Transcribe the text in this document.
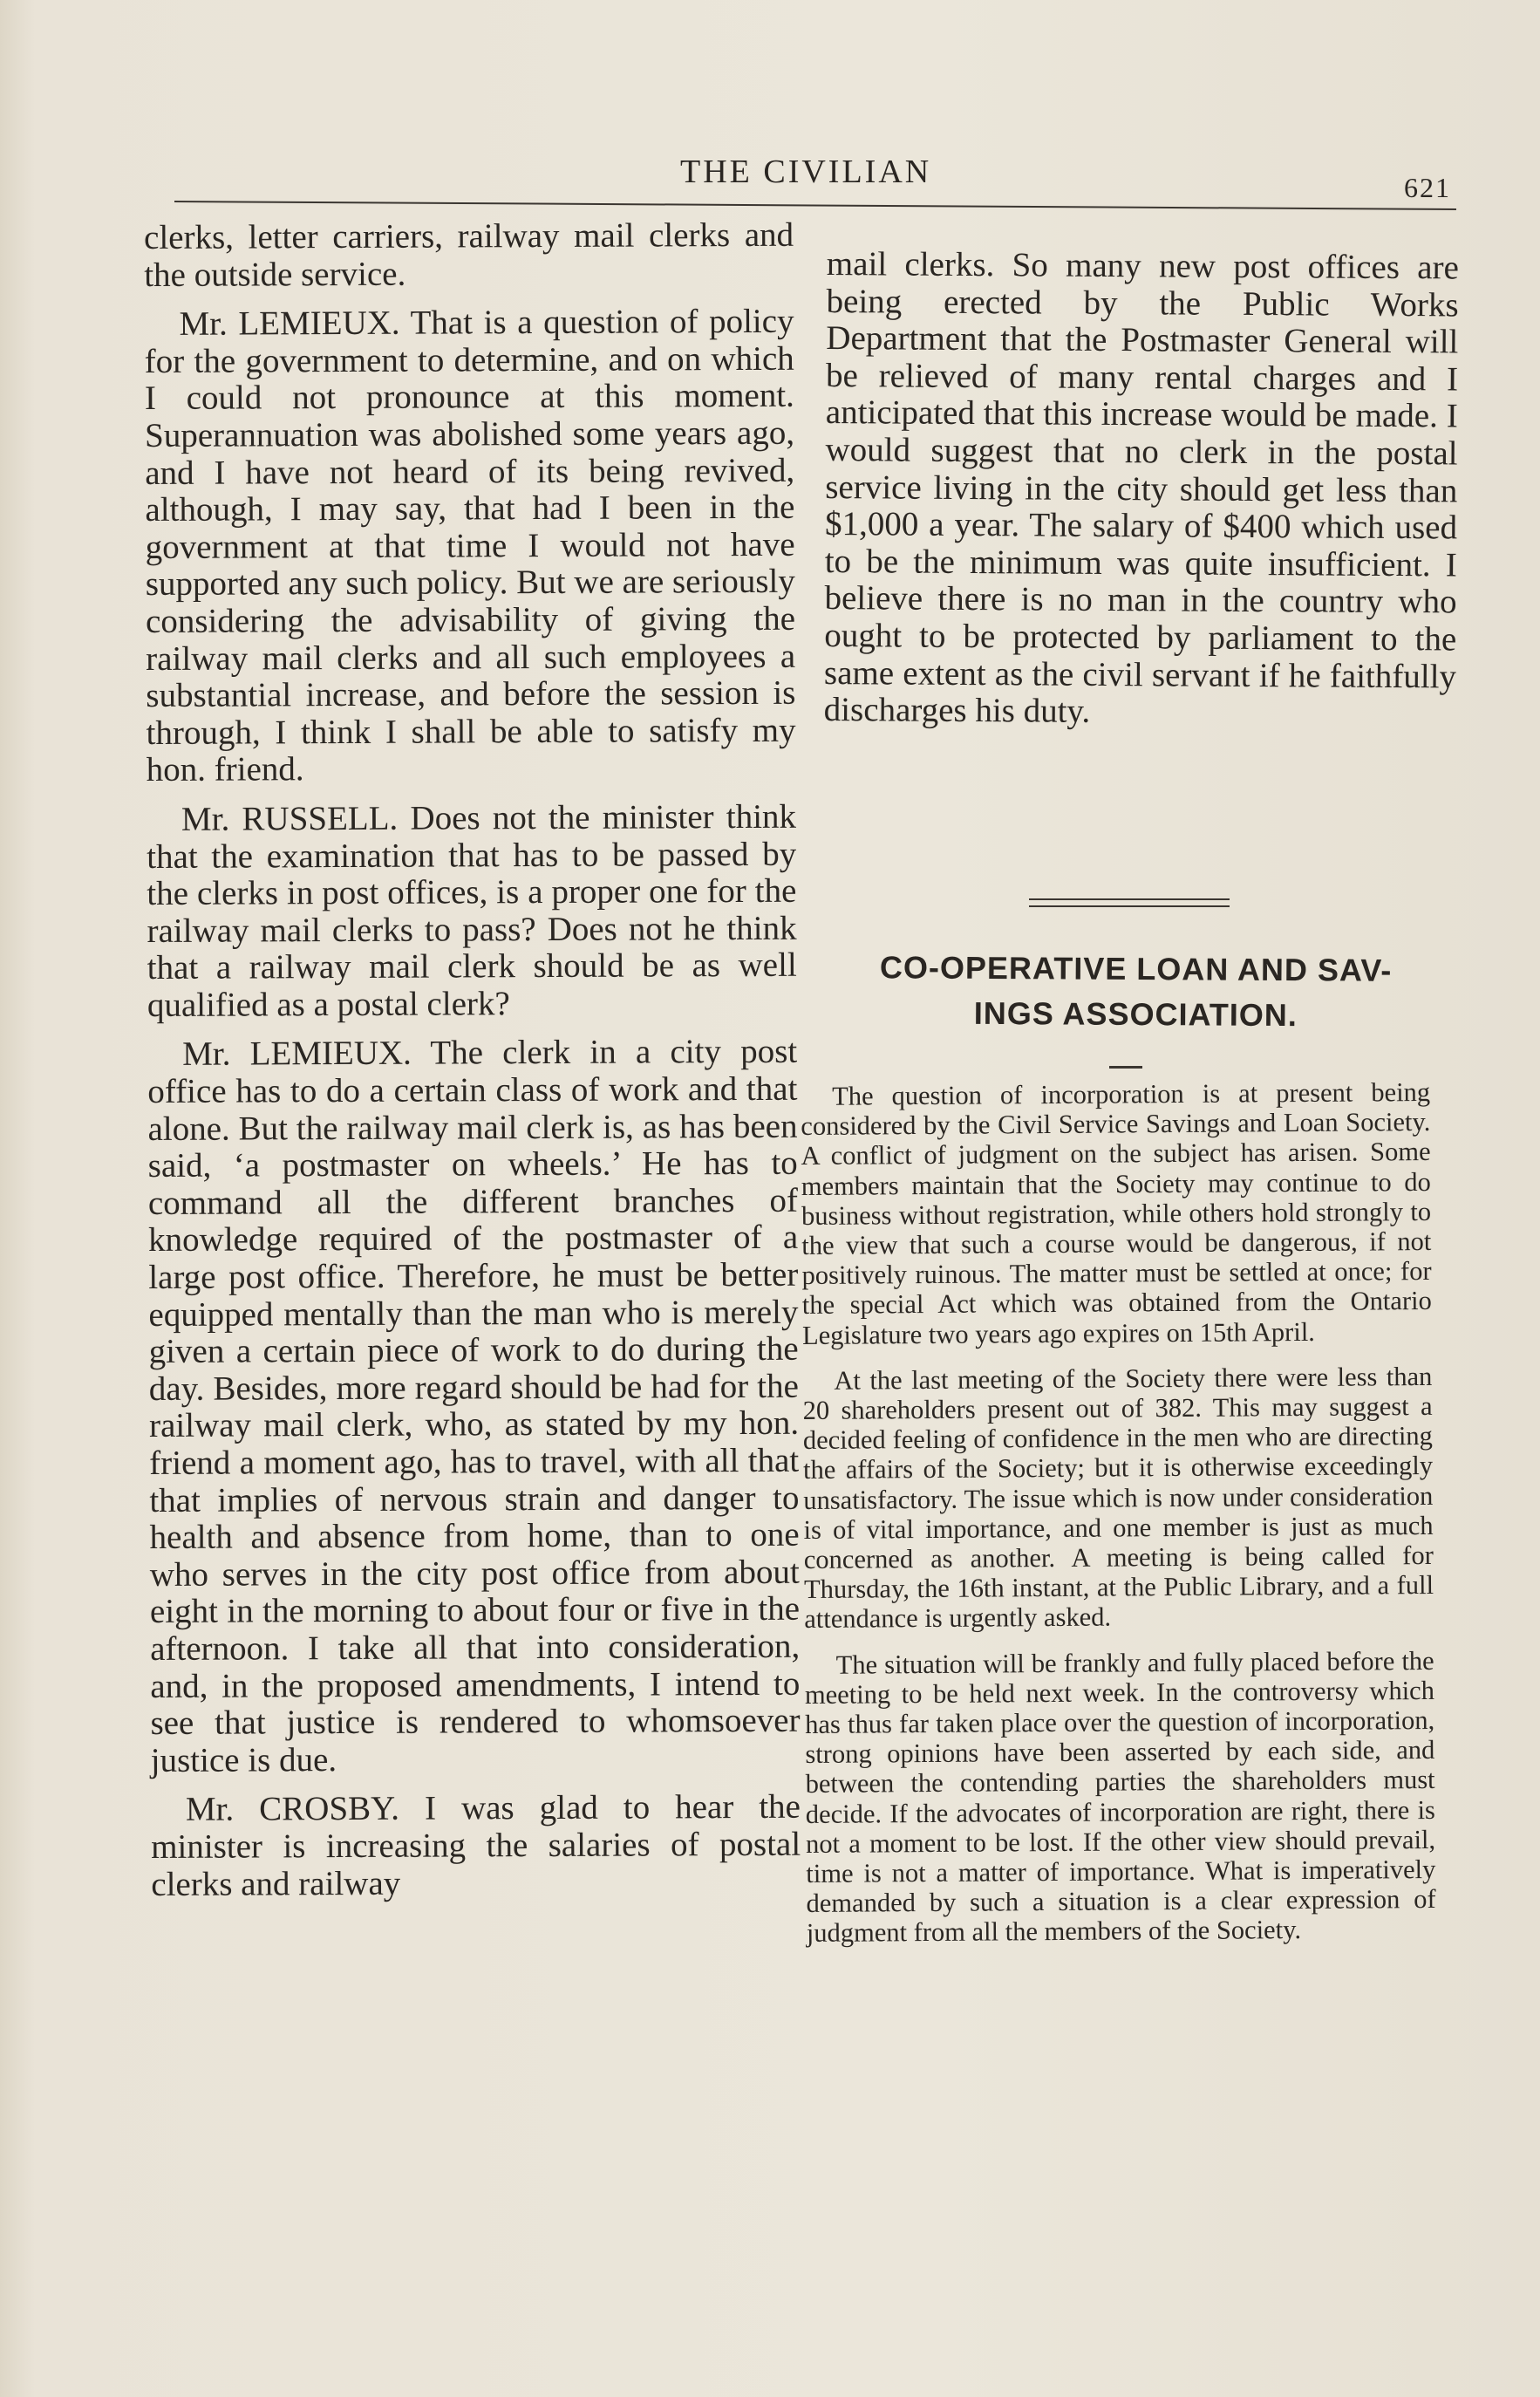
THE CIVILIAN	621

clerks, letter carriers, railway mail clerks and the outside service.

Mr. LEMIEUX. That is a question of policy for the government to determine, and on which I could not pronounce at this moment. Superannuation was abolished some years ago, and I have not heard of its being revived, although, I may say, that had I been in the government at that time I would not have supported any such policy. But we are seriously considering the advisability of giving the railway mail clerks and all such employees a substantial increase, and before the session is through, I think I shall be able to satisfy my hon. friend.

Mr. RUSSELL. Does not the minister think that the examination that has to be passed by the clerks in post offices, is a proper one for the railway mail clerks to pass? Does not he think that a railway mail clerk should be as well qualified as a postal clerk?

Mr. LEMIEUX. The clerk in a city post office has to do a certain class of work and that alone. But the railway mail clerk is, as has been said, ‘a postmaster on wheels.’ He has to command all the different branches of knowledge required of the postmaster of a large post office. Therefore, he must be better equipped mentally than the man who is merely given a certain piece of work to do during the day. Besides, more regard should be had for the railway mail clerk, who, as stated by my hon. friend a moment ago, has to travel, with all that that implies of nervous strain and danger to health and absence from home, than to one who serves in the city post office from about eight in the morning to about four or five in the afternoon. I take all that into consideration, and, in the proposed amendments, I intend to see that justice is rendered to whomsoever justice is due.

Mr. CROSBY. I was glad to hear the minister is increasing the salaries of postal clerks and railway

mail clerks. So many new post offices are being erected by the Public Works Department that the Postmaster General will be relieved of many rental charges and I anticipated that this increase would be made. I would suggest that no clerk in the postal service living in the city should get less than $1,000 a year. The salary of $400 which used to be the minimum was quite insufficient. I believe there is no man in the country who ought to be protected by parliament to the same extent as the civil servant if he faithfully discharges his duty.

CO-OPERATIVE LOAN AND SAV-
INGS ASSOCIATION.

The question of incorporation is at present being considered by the Civil Service Savings and Loan Society. A conflict of judgment on the subject has arisen. Some members maintain that the Society may continue to do business without registration, while others hold strongly to the view that such a course would be dangerous, if not positively ruinous. The matter must be settled at once; for the special Act which was obtained from the Ontario Legislature two years ago expires on 15th April.

At the last meeting of the Society there were less than 20 shareholders present out of 382. This may suggest a decided feeling of confidence in the men who are directing the affairs of the Society; but it is otherwise exceedingly unsatisfactory. The issue which is now under consideration is of vital importance, and one member is just as much concerned as another. A meeting is being called for Thursday, the 16th instant, at the Public Library, and a full attendance is urgently asked.

The situation will be frankly and fully placed before the meeting to be held next week. In the controversy which has thus far taken place over the question of incorporation, strong opinions have been asserted by each side, and between the contending parties the shareholders must decide. If the advocates of incorporation are right, there is not a moment to be lost. If the other view should prevail, time is not a matter of importance. What is imperatively demanded by such a situation is a clear expression of judgment from all the members of the Society.
